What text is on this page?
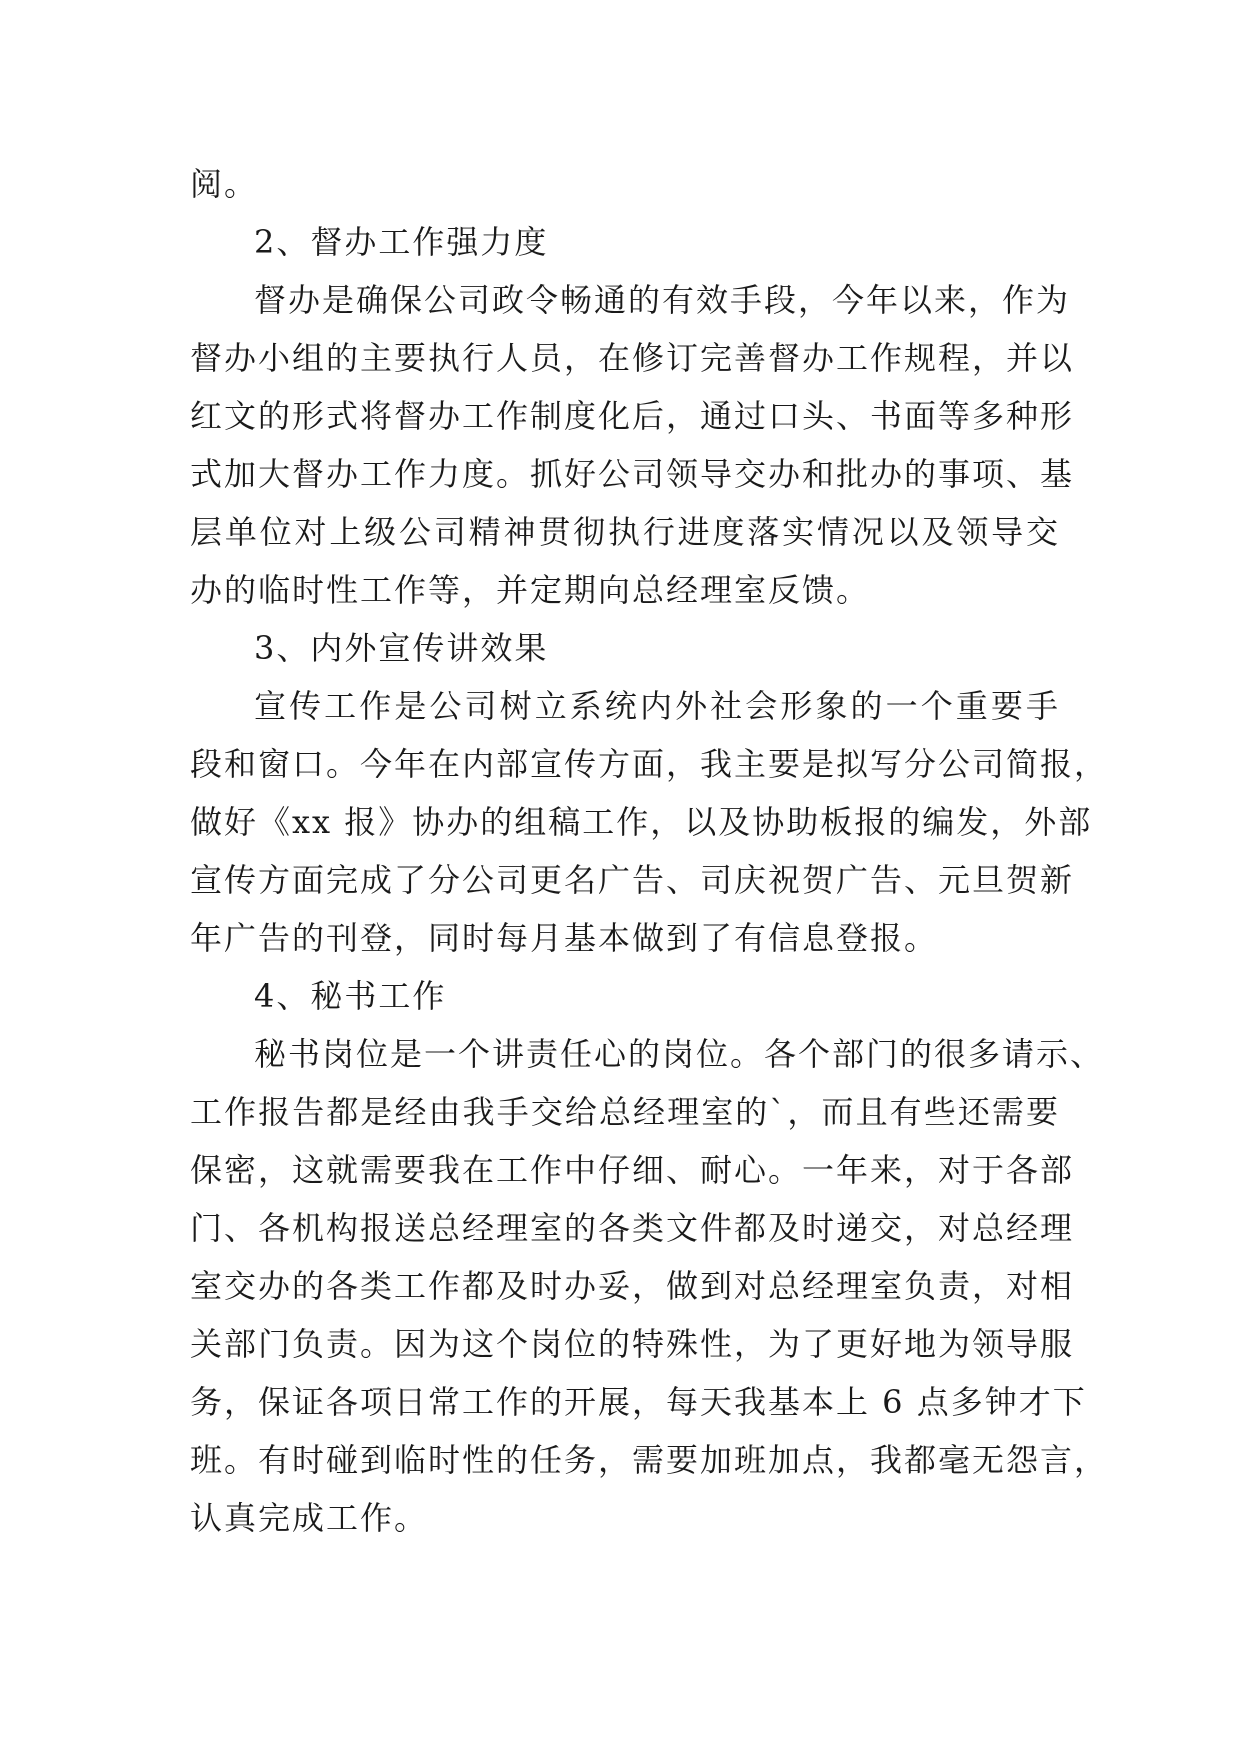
阅。
2、督办工作强力度
督办是确保公司政令畅通的有效手段，今年以来，作为
督办小组的主要执行人员，在修订完善督办工作规程，并以
红文的形式将督办工作制度化后，通过口头、书面等多种形
式加大督办工作力度。抓好公司领导交办和批办的事项、基
层单位对上级公司精神贯彻执行进度落实情况以及领导交
办的临时性工作等，并定期向总经理室反馈。
3、内外宣传讲效果
宣传工作是公司树立系统内外社会形象的一个重要手
段和窗口。今年在内部宣传方面，我主要是拟写分公司简报，
做好《xx 报》协办的组稿工作，以及协助板报的编发，外部
宣传方面完成了分公司更名广告、司庆祝贺广告、元旦贺新
年广告的刊登，同时每月基本做到了有信息登报。
4、秘书工作
秘书岗位是一个讲责任心的岗位。各个部门的很多请示、
工作报告都是经由我手交给总经理室的`，而且有些还需要
保密，这就需要我在工作中仔细、耐心。一年来，对于各部
门、各机构报送总经理室的各类文件都及时递交，对总经理
室交办的各类工作都及时办妥，做到对总经理室负责，对相
关部门负责。因为这个岗位的特殊性，为了更好地为领导服
务，保证各项日常工作的开展，每天我基本上 6 点多钟才下
班。有时碰到临时性的任务，需要加班加点，我都毫无怨言，
认真完成工作。
